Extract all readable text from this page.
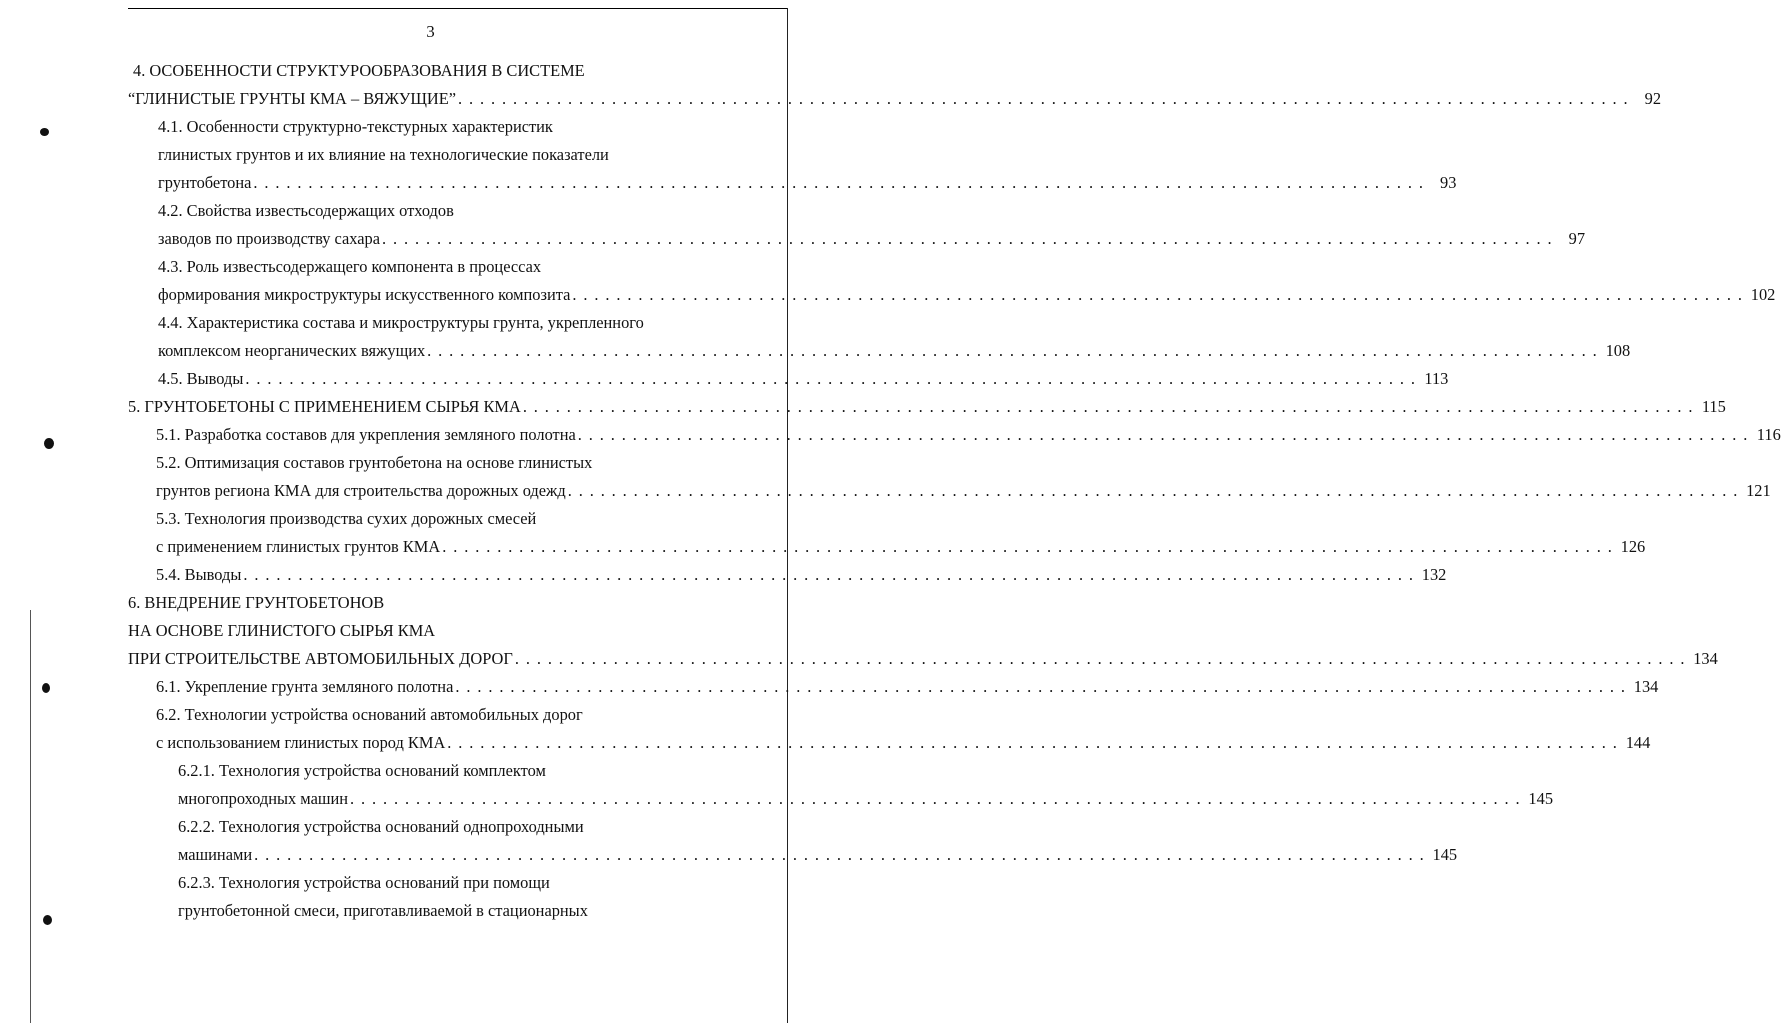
3
4. ОСОБЕННОСТИ СТРУКТУРООБРАЗОВАНИЯ В СИСТЕМЕ
“ГЛИНИСТЫЕ ГРУНТЫ КМА – ВЯЖУЩИЕ” . . . . . . . . . . . . . . . . . . . . . . . . . . . . . . . . . . . . . . . . . . . . . . . . . . . . . . . . . . . . . . . . . . . . . . . . . . . . . . . . . . . . . . . . . . . . . . . . . . . . . . . . . . . 92
4.1. Особенности структурно-текстурных характеристик
глинистых грунтов и их влияние на технологические показатели
грунтобетона . . . . . . . . . . . . . . . . . . . . . . . . . . . . . . . . . . . . . . . . . . . . . . . . . . . . . . . . . . . . . . . . . . . . . . . . . . . . . . . . . . . . . . . . . . . . . . . . . . . . . . . . . . . 93
4.2. Свойства известьсодержащих отходов
заводов по производству сахара . . . . . . . . . . . . . . . . . . . . . . . . . . . . . . . . . . . . . . . . . . . . . . . . . . . . . . . . . . . . . . . . . . . . . . . . . . . . . . . . . . . . . . . . . . . . . . . . . . . . . . . . . . . 97
4.3. Роль известьсодержащего компонента в процессах
формирования микроструктуры искусственного композита . . . . . . . . . . . . . . . . . . . . . . . . . . . . . . . . . . . . . . . . . . . . . . . . . . . . . . . . . . . . . . . . . . . . . . . . . . . . . . . . . . . . . . . . . . . . . . . . . . . . . . . . . . . 102
4.4. Характеристика состава и микроструктуры грунта, укрепленного
комплексом неорганических вяжущих . . . . . . . . . . . . . . . . . . . . . . . . . . . . . . . . . . . . . . . . . . . . . . . . . . . . . . . . . . . . . . . . . . . . . . . . . . . . . . . . . . . . . . . . . . . . . . . . . . . . . . . . . . . 108
4.5. Выводы . . . . . . . . . . . . . . . . . . . . . . . . . . . . . . . . . . . . . . . . . . . . . . . . . . . . . . . . . . . . . . . . . . . . . . . . . . . . . . . . . . . . . . . . . . . . . . . . . . . . . . . . . . . 113
5. ГРУНТОБЕТОНЫ С ПРИМЕНЕНИЕМ СЫРЬЯ КМА . . . . . . . . . . . . . . . . . . . . . . . . . . . . . . . . . . . . . . . . . . . . . . . . . . . . . . . . . . . . . . . . . . . . . . . . . . . . . . . . . . . . . . . . . . . . . . . . . . . . . . . . . . . 115
5.1. Разработка составов для укрепления земляного полотна . . . . . . . . . . . . . . . . . . . . . . . . . . . . . . . . . . . . . . . . . . . . . . . . . . . . . . . . . . . . . . . . . . . . . . . . . . . . . . . . . . . . . . . . . . . . . . . . . . . . . . . . . . . 116
5.2. Оптимизация составов грунтобетона на основе глинистых
грунтов региона КМА для строительства дорожных одежд . . . . . . . . . . . . . . . . . . . . . . . . . . . . . . . . . . . . . . . . . . . . . . . . . . . . . . . . . . . . . . . . . . . . . . . . . . . . . . . . . . . . . . . . . . . . . . . . . . . . . . . . . . . 121
5.3. Технология производства сухих дорожных смесей
с применением глинистых грунтов КМА . . . . . . . . . . . . . . . . . . . . . . . . . . . . . . . . . . . . . . . . . . . . . . . . . . . . . . . . . . . . . . . . . . . . . . . . . . . . . . . . . . . . . . . . . . . . . . . . . . . . . . . . . . . 126
5.4. Выводы . . . . . . . . . . . . . . . . . . . . . . . . . . . . . . . . . . . . . . . . . . . . . . . . . . . . . . . . . . . . . . . . . . . . . . . . . . . . . . . . . . . . . . . . . . . . . . . . . . . . . . . . . . . 132
6. ВНЕДРЕНИЕ ГРУНТОБЕТОНОВ
НА ОСНОВЕ ГЛИНИСТОГО СЫРЬЯ КМА
ПРИ СТРОИТЕЛЬСТВЕ АВТОМОБИЛЬНЫХ ДОРОГ . . . . . . . . . . . . . . . . . . . . . . . . . . . . . . . . . . . . . . . . . . . . . . . . . . . . . . . . . . . . . . . . . . . . . . . . . . . . . . . . . . . . . . . . . . . . . . . . . . . . . . . . . . . 134
6.1. Укрепление грунта земляного полотна . . . . . . . . . . . . . . . . . . . . . . . . . . . . . . . . . . . . . . . . . . . . . . . . . . . . . . . . . . . . . . . . . . . . . . . . . . . . . . . . . . . . . . . . . . . . . . . . . . . . . . . . . . . 134
6.2. Технологии устройства оснований автомобильных дорог
с использованием глинистых пород КМА . . . . . . . . . . . . . . . . . . . . . . . . . . . . . . . . . . . . . . . . . . . . . . . . . . . . . . . . . . . . . . . . . . . . . . . . . . . . . . . . . . . . . . . . . . . . . . . . . . . . . . . . . . . 144
6.2.1. Технология устройства оснований комплектом
многопроходных машин . . . . . . . . . . . . . . . . . . . . . . . . . . . . . . . . . . . . . . . . . . . . . . . . . . . . . . . . . . . . . . . . . . . . . . . . . . . . . . . . . . . . . . . . . . . . . . . . . . . . . . . . . . . 145
6.2.2. Технология устройства оснований однопроходными
машинами . . . . . . . . . . . . . . . . . . . . . . . . . . . . . . . . . . . . . . . . . . . . . . . . . . . . . . . . . . . . . . . . . . . . . . . . . . . . . . . . . . . . . . . . . . . . . . . . . . . . . . . . . . . 145
6.2.3. Технология устройства оснований при помощи
грунтобетонной смеси, приготавливаемой в стационарных
